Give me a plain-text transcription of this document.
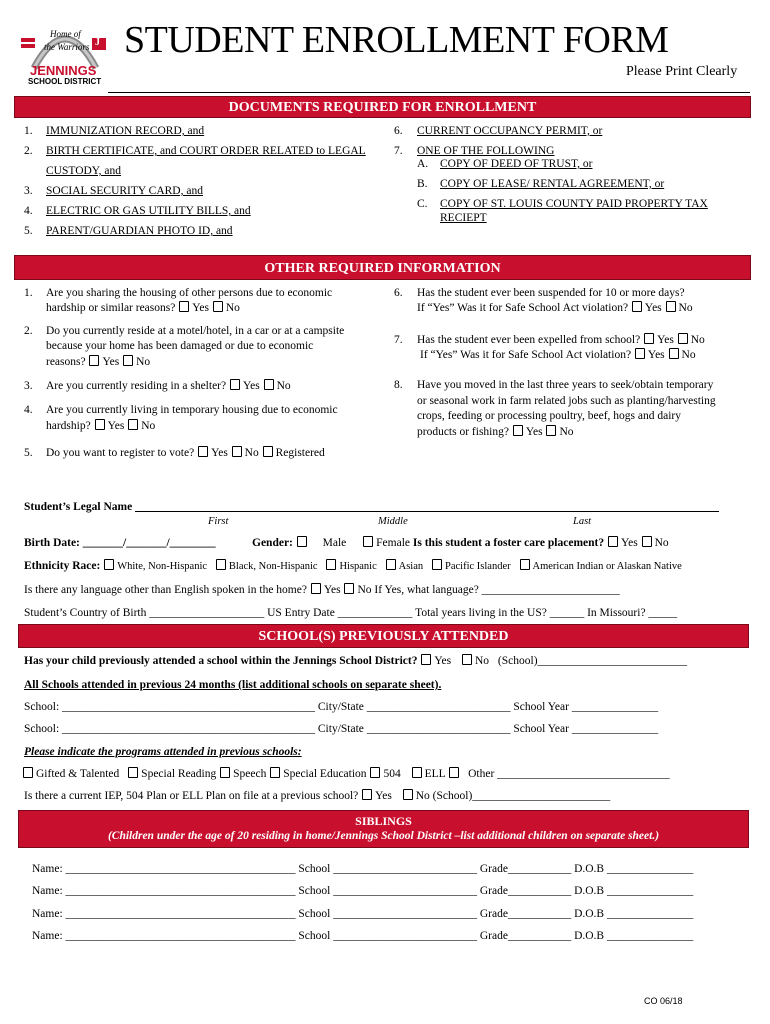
Home of
the Warriors J
JENNINGS
SCHOOL DISTRICT
STUDENT ENROLLMENT FORM
Please Print Clearly
DOCUMENTS REQUIRED FOR ENROLLMENT
1. IMMUNIZATION RECORD, and
2. BIRTH CERTIFICATE, and COURT ORDER RELATED to LEGAL
CUSTODY, and
3. SOCIAL SECURITY CARD, and
4. ELECTRIC OR GAS UTILITY BILLS, and
5. PARENT/GUARDIAN PHOTO ID, and
6. CURRENT OCCUPANCY PERMIT, or
7. ONE OF THE FOLLOWING
A. COPY OF DEED OF TRUST, or
B. COPY OF LEASE/ RENTAL AGREEMENT, or
C. COPY OF ST. LOUIS COUNTY PAID PROPERTY TAX
RECIEPT
OTHER REQUIRED INFORMATION
1. Are you sharing the housing of other persons due to economic
hardship or similar reasons? Yes No
2. Do you currently reside at a motel/hotel, in a car or at a campsite
because your home has been damaged or due to economic
reasons? Yes No
3. Are you currently residing in a shelter? Yes No
4. Are you currently living in temporary housing due to economic
hardship? Yes No
5. Do you want to register to vote? Yes No Registered
6. Has the student ever been suspended for 10 or more days?
If “Yes” Was it for Safe School Act violation? Yes No
7. Has the student ever been expelled from school? Yes No
If “Yes” Was it for Safe School Act violation? Yes No
8. Have you moved in the last three years to seek/obtain temporary
or seasonal work in farm related jobs such as planting/harvesting
crops, feeding or processing poultry, beef, hogs and dairy
products or fishing? Yes No
Student’s Legal Name
First	Middle	Last
Birth Date: _______/_______/________	Gender:	Male	Female Is this student a foster care placement? Yes No
Ethnicity Race: White, Non-Hispanic Black, Non-Hispanic Hispanic Asian Pacific Islander American Indian or Alaskan Native
Is there any language other than English spoken in the home? Yes No If Yes, what language? ________________________
Student’s Country of Birth ____________________ US Entry Date _____________ Total years living in the US? ______ In Missouri? _____
SCHOOL(S) PREVIOUSLY ATTENDED
Has your child previously attended a school within the Jennings School District? Yes No (School)__________________________
All Schools attended in previous 24 months (list additional schools on separate sheet).
School: ____________________________________________ City/State _________________________ School Year _______________
School: ____________________________________________ City/State _________________________ School Year _______________
Please indicate the programs attended in previous schools:
Gifted & Talented Special Reading Speech Special Education 504 ELL Other ______________________________
Is there a current IEP, 504 Plan or ELL Plan on file at a previous school? Yes No (School)________________________
SIBLINGS
(Children under the age of 20 residing in home/Jennings School District –list additional children on separate sheet.)
Name: ________________________________________ School _________________________ Grade___________ D.O.B _______________
Name: ________________________________________ School _________________________ Grade___________ D.O.B _______________
Name: ________________________________________ School _________________________ Grade___________ D.O.B _______________
Name: ________________________________________ School _________________________ Grade___________ D.O.B _______________
CO 06/18
